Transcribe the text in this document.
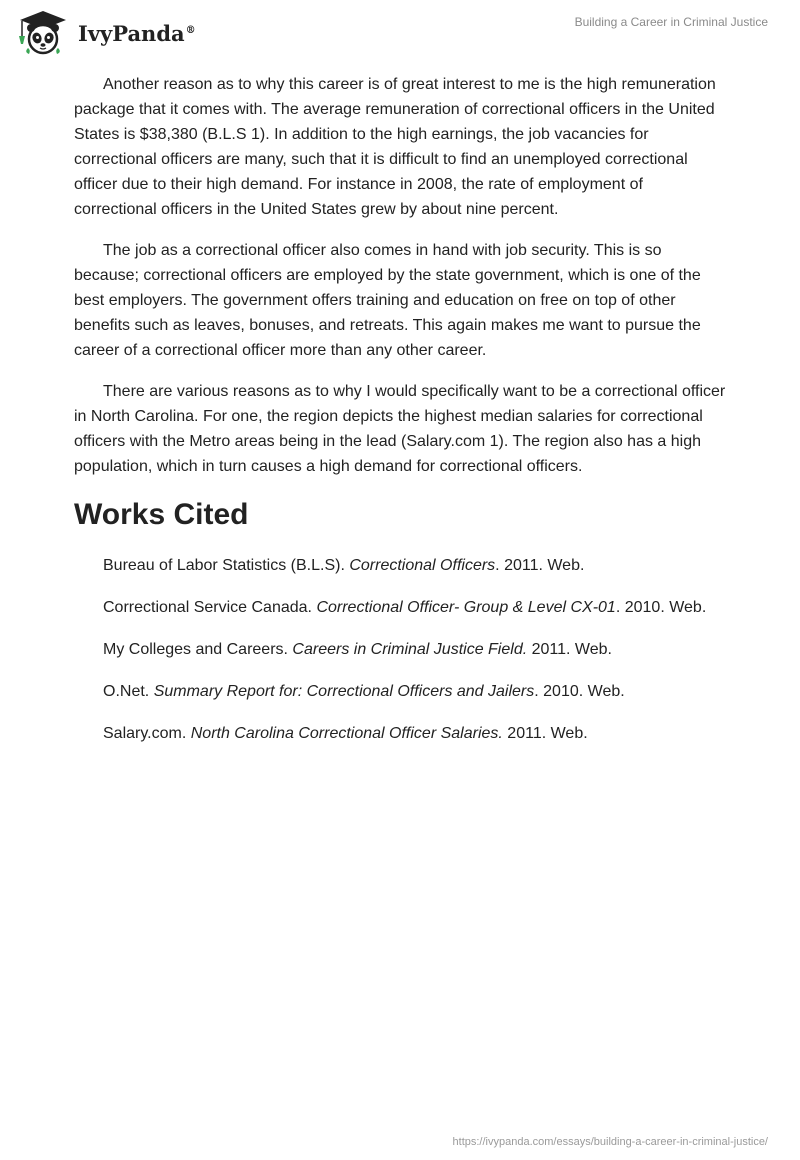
IvyPanda®
Building a Career in Criminal Justice

Another reason as to why this career is of great interest to me is the high remuneration package that it comes with. The average remuneration of correctional officers in the United States is $38,380 (B.L.S 1). In addition to the high earnings, the job vacancies for correctional officers are many, such that it is difficult to find an unemployed correctional officer due to their high demand. For instance in 2008, the rate of employment of correctional officers in the United States grew by about nine percent.

The job as a correctional officer also comes in hand with job security. This is so because; correctional officers are employed by the state government, which is one of the best employers. The government offers training and education on free on top of other benefits such as leaves, bonuses, and retreats. This again makes me want to pursue the career of a correctional officer more than any other career.

There are various reasons as to why I would specifically want to be a correctional officer in North Carolina. For one, the region depicts the highest median salaries for correctional officers with the Metro areas being in the lead (Salary.com 1). The region also has a high population, which in turn causes a high demand for correctional officers.

Works Cited

Bureau of Labor Statistics (B.L.S). Correctional Officers. 2011. Web.

Correctional Service Canada. Correctional Officer- Group & Level CX-01. 2010. Web.

My Colleges and Careers. Careers in Criminal Justice Field. 2011. Web.

O.Net. Summary Report for: Correctional Officers and Jailers. 2010. Web.

Salary.com. North Carolina Correctional Officer Salaries. 2011. Web.

https://ivypanda.com/essays/building-a-career-in-criminal-justice/
